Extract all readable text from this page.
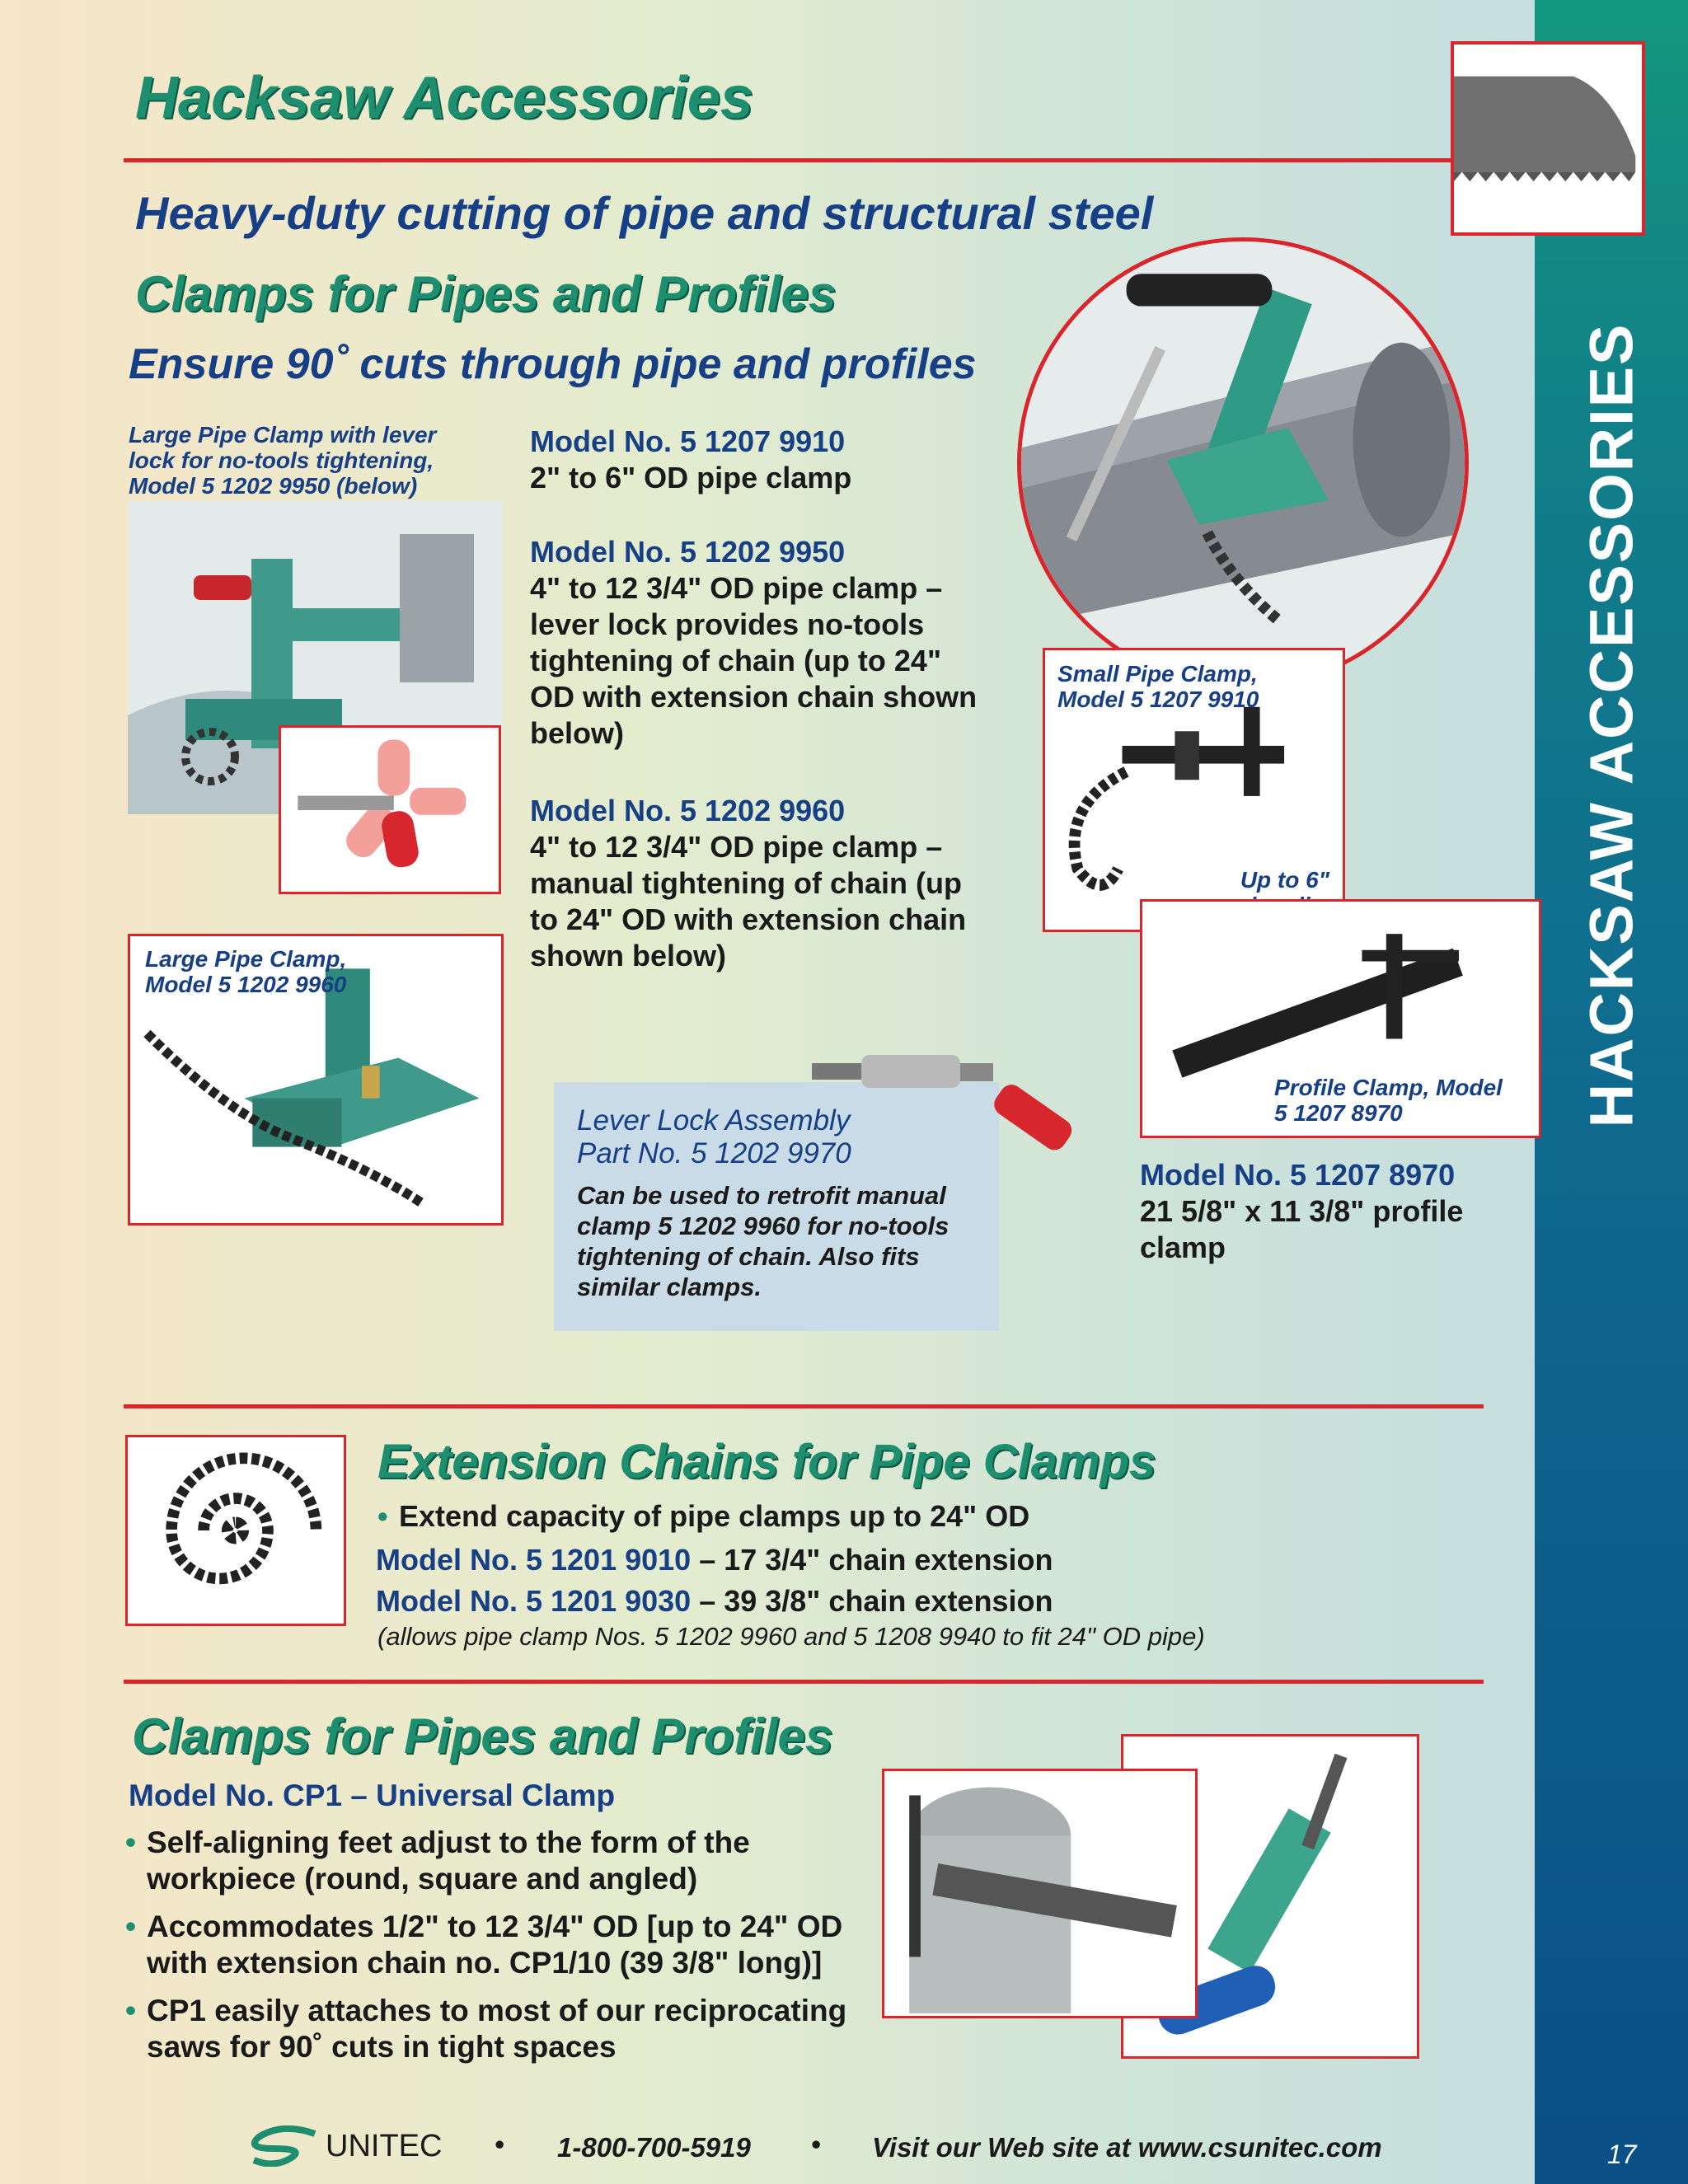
HACKSAW ACCESSORIES
17
Hacksaw Accessories
Heavy-duty cutting of pipe and structural steel
Clamps for Pipes and Profiles
Ensure 90˚ cuts through pipe and profiles
Large Pipe Clamp with lever lock for no-tools tightening, Model 5 1202 9950 (below)
Large Pipe Clamp, Model 5 1202 9960
Model No. 5 1207 9910
2" to 6" OD pipe clamp
Model No. 5 1202 9950
4" to 12 3/4" OD pipe clamp – lever lock provides no-tools tightening of chain (up to 24" OD with extension chain shown below)
Model No. 5 1202 9960
4" to 12 3/4" OD pipe clamp – manual tightening of chain (up to 24" OD with extension chain shown below)
Lever Lock Assembly Part No. 5 1202 9970
Can be used to retrofit manual clamp 5 1202 9960 for no-tools tightening of chain. Also fits similar clamps.
Small Pipe Clamp, Model 5 1207 9910
Up to 6"
Profile Clamp, Model 5 1207 8970
Model No. 5 1207 8970
21 5/8" x 11 3/8" profile clamp
Extension Chains for Pipe Clamps
• Extend capacity of pipe clamps up to 24" OD
Model No. 5 1201 9010 – 17 3/4" chain extension
Model No. 5 1201 9030 – 39 3/8" chain extension
(allows pipe clamp Nos. 5 1202 9960 and 5 1208 9940 to fit 24" OD pipe)
Clamps for Pipes and Profiles
Model No. CP1 – Universal Clamp
• Self-aligning feet adjust to the form of the workpiece (round, square and angled)
• Accommodates 1/2" to 12 3/4" OD [up to 24" OD with extension chain no. CP1/10 (39 3/8" long)]
• CP1 easily attaches to most of our reciprocating saws for 90˚ cuts in tight spaces
UNITEC • 1-800-700-5919 • Visit our Web site at www.csunitec.com
